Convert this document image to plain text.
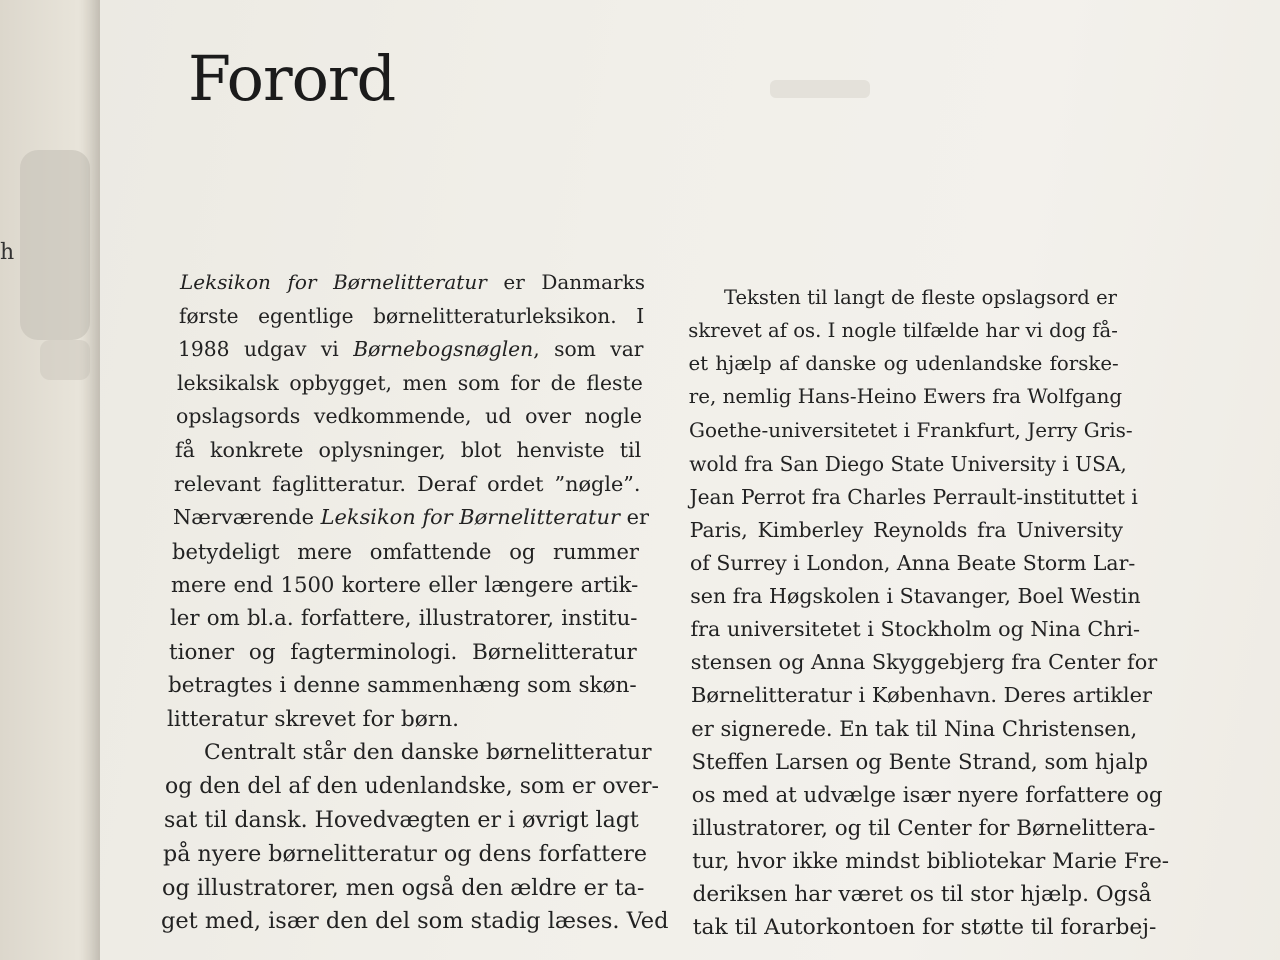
h
Forord
Leksikon for Børnelitteratur er Danmarks
første egentlige børnelitteraturleksikon. I
1988 udgav vi Børnebogsnøglen, som var
leksikalsk opbygget, men som for de fleste
opslagsords vedkommende, ud over nogle
få konkrete oplysninger, blot henviste til
relevant faglitteratur. Deraf ordet ”nøgle”.
Nærværende Leksikon for Børnelitteratur er
betydeligt mere omfattende og rummer
mere end 1500 kortere eller længere artik-
ler om bl.a. forfattere, illustratorer, institu-
tioner og fagterminologi. Børnelitteratur
betragtes i denne sammenhæng som skøn-
litteratur skrevet for børn.
Centralt står den danske børnelitteratur
og den del af den udenlandske, som er over-
sat til dansk. Hovedvægten er i øvrigt lagt
på nyere børnelitteratur og dens forfattere
og illustratorer, men også den ældre er ta-
get med, især den del som stadig læses. Ved
Teksten til langt de fleste opslagsord er
skrevet af os. I nogle tilfælde har vi dog få-
et hjælp af danske og udenlandske forske-
re, nemlig Hans-Heino Ewers fra Wolfgang
Goethe-universitetet i Frankfurt, Jerry Gris-
wold fra San Diego State University i USA,
Jean Perrot fra Charles Perrault-instituttet i
Paris, Kimberley Reynolds fra University
of Surrey i London, Anna Beate Storm Lar-
sen fra Høgskolen i Stavanger, Boel Westin
fra universitetet i Stockholm og Nina Chri-
stensen og Anna Skyggebjerg fra Center for
Børnelitteratur i København. Deres artikler
er signerede. En tak til Nina Christensen,
Steffen Larsen og Bente Strand, som hjalp
os med at udvælge især nyere forfattere og
illustratorer, og til Center for Børnelittera-
tur, hvor ikke mindst bibliotekar Marie Fre-
deriksen har været os til stor hjælp. Også
tak til Autorkontoen for støtte til forarbej-
